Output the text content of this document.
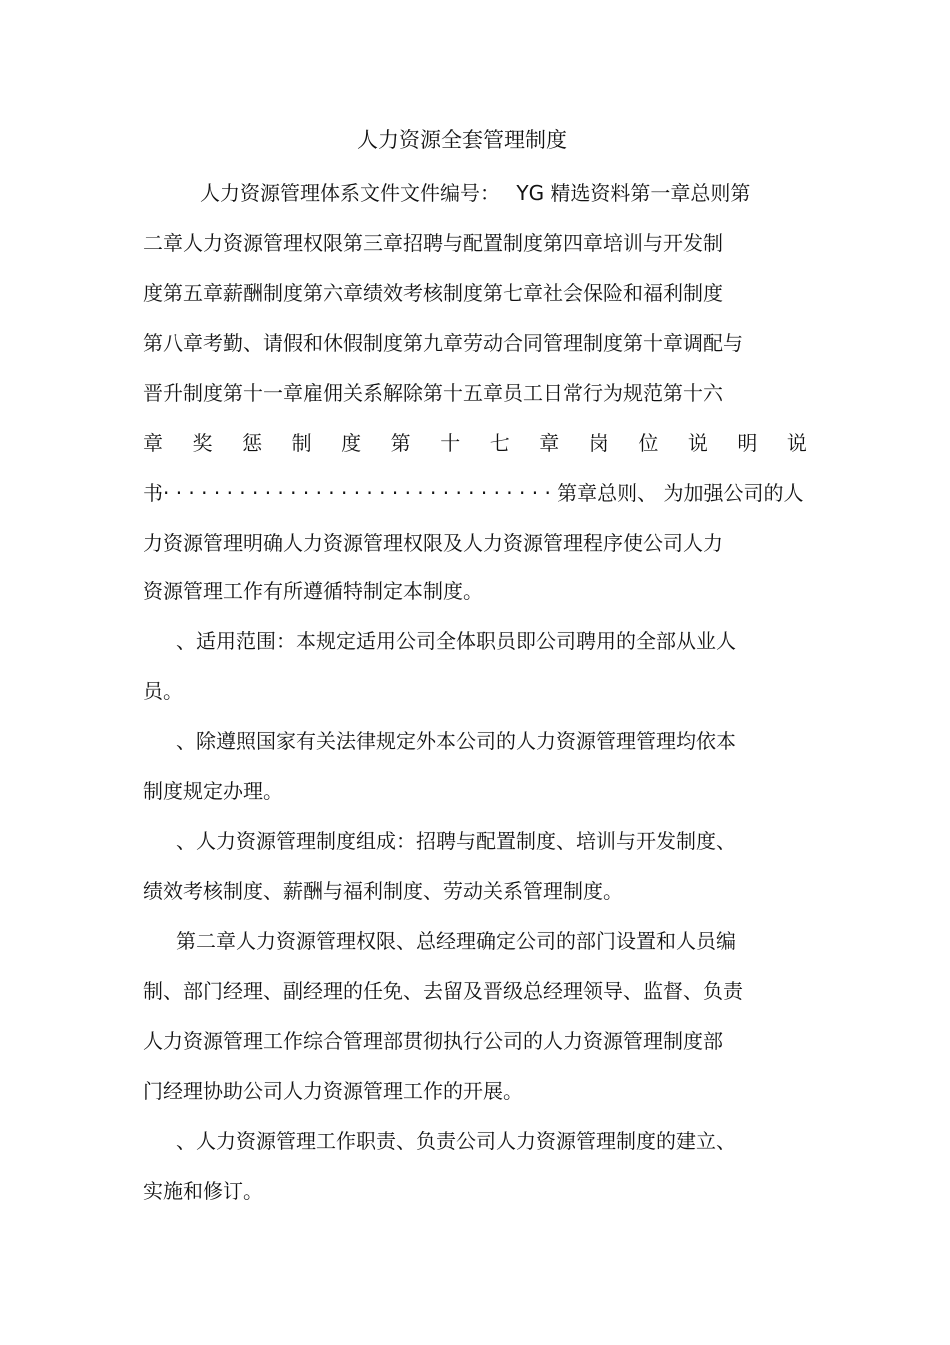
人力资源全套管理制度
人力资源管理体系文件文件编号：　 YG 精选资料第一章总则第
二章人力资源管理权限第三章招聘与配置制度第四章培训与开发制
度第五章薪酬制度第六章绩效考核制度第七章社会保险和福利制度
第八章考勤、请假和休假制度第九章劳动合同管理制度第十章调配与
晋升制度第十一章雇佣关系解除第十五章员工日常行为规范第十六
章 奖 惩 制 度 第 十 七 章 岗 位 说 明 说
书· · · · · · · · · · · · · · · · · · · · · · · · · · · · · · · 第章总则、 为加强公司的人
力资源管理明确人力资源管理权限及人力资源管理程序使公司人力
资源管理工作有所遵循特制定本制度。
、适用范围：本规定适用公司全体职员即公司聘用的全部从业人
员。
、除遵照国家有关法律规定外本公司的人力资源管理管理均依本
制度规定办理。
、人力资源管理制度组成：招聘与配置制度、培训与开发制度、
绩效考核制度、薪酬与福利制度、劳动关系管理制度。
第二章人力资源管理权限、总经理确定公司的部门设置和人员编
制、部门经理、副经理的任免、去留及晋级总经理领导、监督、负责
人力资源管理工作综合管理部贯彻执行公司的人力资源管理制度部
门经理协助公司人力资源管理工作的开展。
、人力资源管理工作职责、负责公司人力资源管理制度的建立、
实施和修订。
